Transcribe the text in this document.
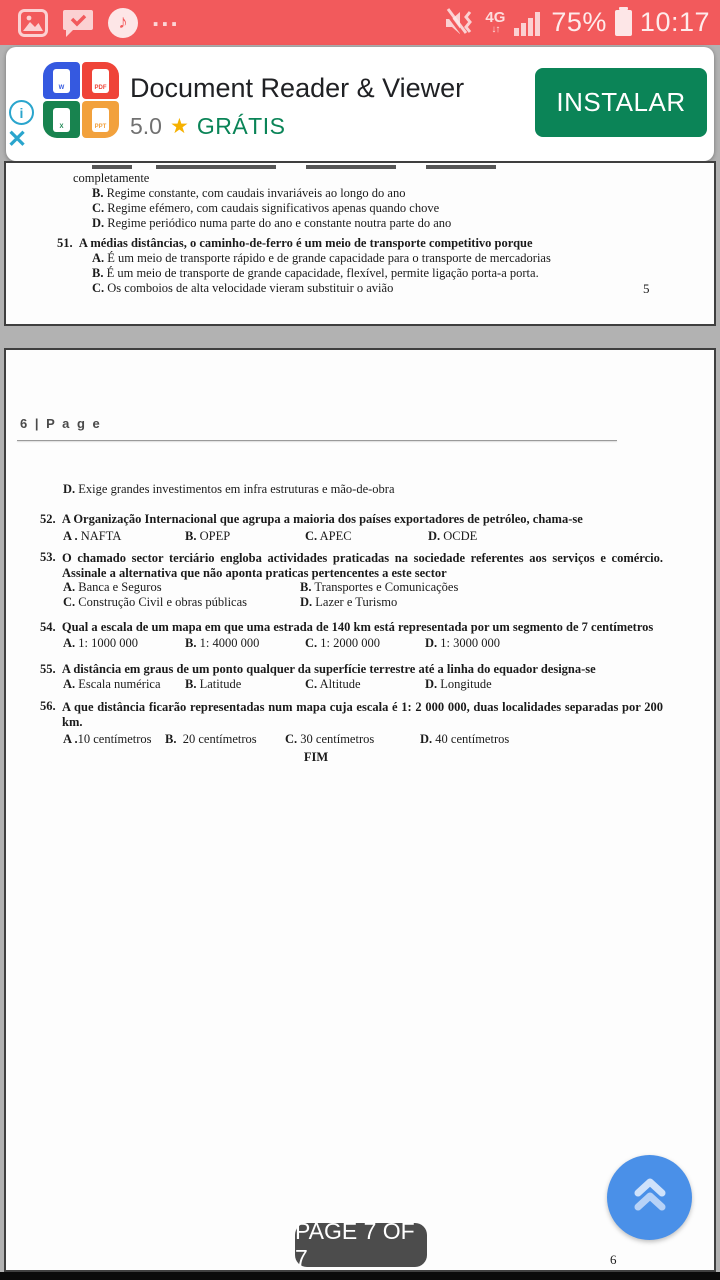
♪ ...	4G
↓↑ 75% 10:17
W	PDF
X	PPT
Document Reader & Viewer
5.0 ★ GRÁTIS
INSTALAR
i
✕
completamente
B. Regime constante, com caudais invariáveis ao longo do ano
C. Regime efémero, com caudais significativos apenas quando chove
D. Regime periódico numa parte do ano e constante noutra parte do ano
51. A médias distâncias, o caminho-de-ferro é um meio de transporte competitivo porque
A. É um meio de transporte rápido e de grande capacidade para o transporte de mercadorias
B. É um meio de transporte de grande capacidade, flexível, permite ligação porta-a porta.
C. Os comboios de alta velocidade vieram substituir o avião	5
6 | P a g e
D. Exige grandes investimentos em infra estruturas e mão-de-obra
52. A Organização Internacional que agrupa a maioria dos países exportadores de petróleo, chama-se
A . NAFTA	B. OPEP	C. APEC	D. OCDE
53. O chamado sector terciário engloba actividades praticadas na sociedade referentes aos serviços e comércio. Assinale a alternativa que não aponta praticas pertencentes a este sector
A. Banca e Seguros	B. Transportes e Comunicações
C. Construção Civil e obras públicas	D. Lazer e Turismo
54. Qual a escala de um mapa em que uma estrada de 140 km está representada por um segmento de 7 centímetros
A. 1: 1000 000	B. 1: 4000 000	C. 1: 2000 000	D. 1: 3000 000
55. A distância em graus de um ponto qualquer da superfície terrestre até a linha do equador designa-se
A. Escala numérica B. Latitude	C. Altitude	D. Longitude
56. A que distância ficarão representadas num mapa cuja escala é 1: 2 000 000, duas localidades separadas por 200 km.
A .10 centímetros B. 20 centímetros C. 30 centímetros	D. 40 centímetros
FIM
6
PAGE 7 OF 7
